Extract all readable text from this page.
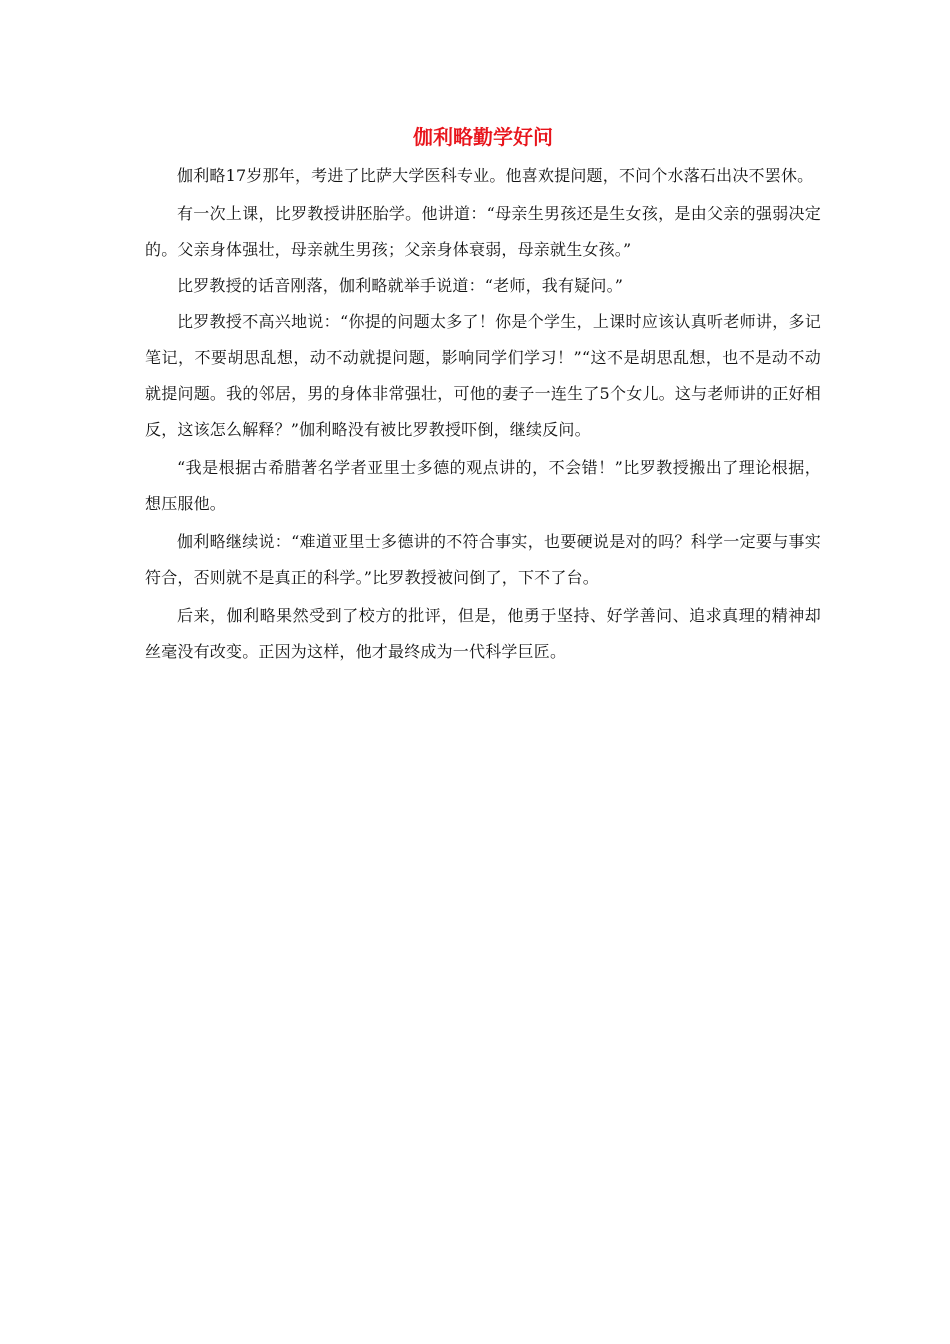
伽利略勤学好问

伽利略17岁那年，考进了比萨大学医科专业。他喜欢提问题，不问个水落石出决不罢休。

有一次上课，比罗教授讲胚胎学。他讲道：“母亲生男孩还是生女孩，是由父亲的强弱决定的。父亲身体强壮，母亲就生男孩；父亲身体衰弱，母亲就生女孩。”

比罗教授的话音刚落，伽利略就举手说道：“老师，我有疑问。”

比罗教授不高兴地说：“你提的问题太多了！你是个学生，上课时应该认真听老师讲，多记笔记，不要胡思乱想，动不动就提问题，影响同学们学习！”“这不是胡思乱想，也不是动不动就提问题。我的邻居，男的身体非常强壮，可他的妻子一连生了5个女儿。这与老师讲的正好相反，这该怎么解释？”伽利略没有被比罗教授吓倒，继续反问。

“我是根据古希腊著名学者亚里士多德的观点讲的，不会错！”比罗教授搬出了理论根据，想压服他。

伽利略继续说：“难道亚里士多德讲的不符合事实，也要硬说是对的吗？科学一定要与事实符合，否则就不是真正的科学。”比罗教授被问倒了，下不了台。

后来，伽利略果然受到了校方的批评，但是，他勇于坚持、好学善问、追求真理的精神却丝毫没有改变。正因为这样，他才最终成为一代科学巨匠。
